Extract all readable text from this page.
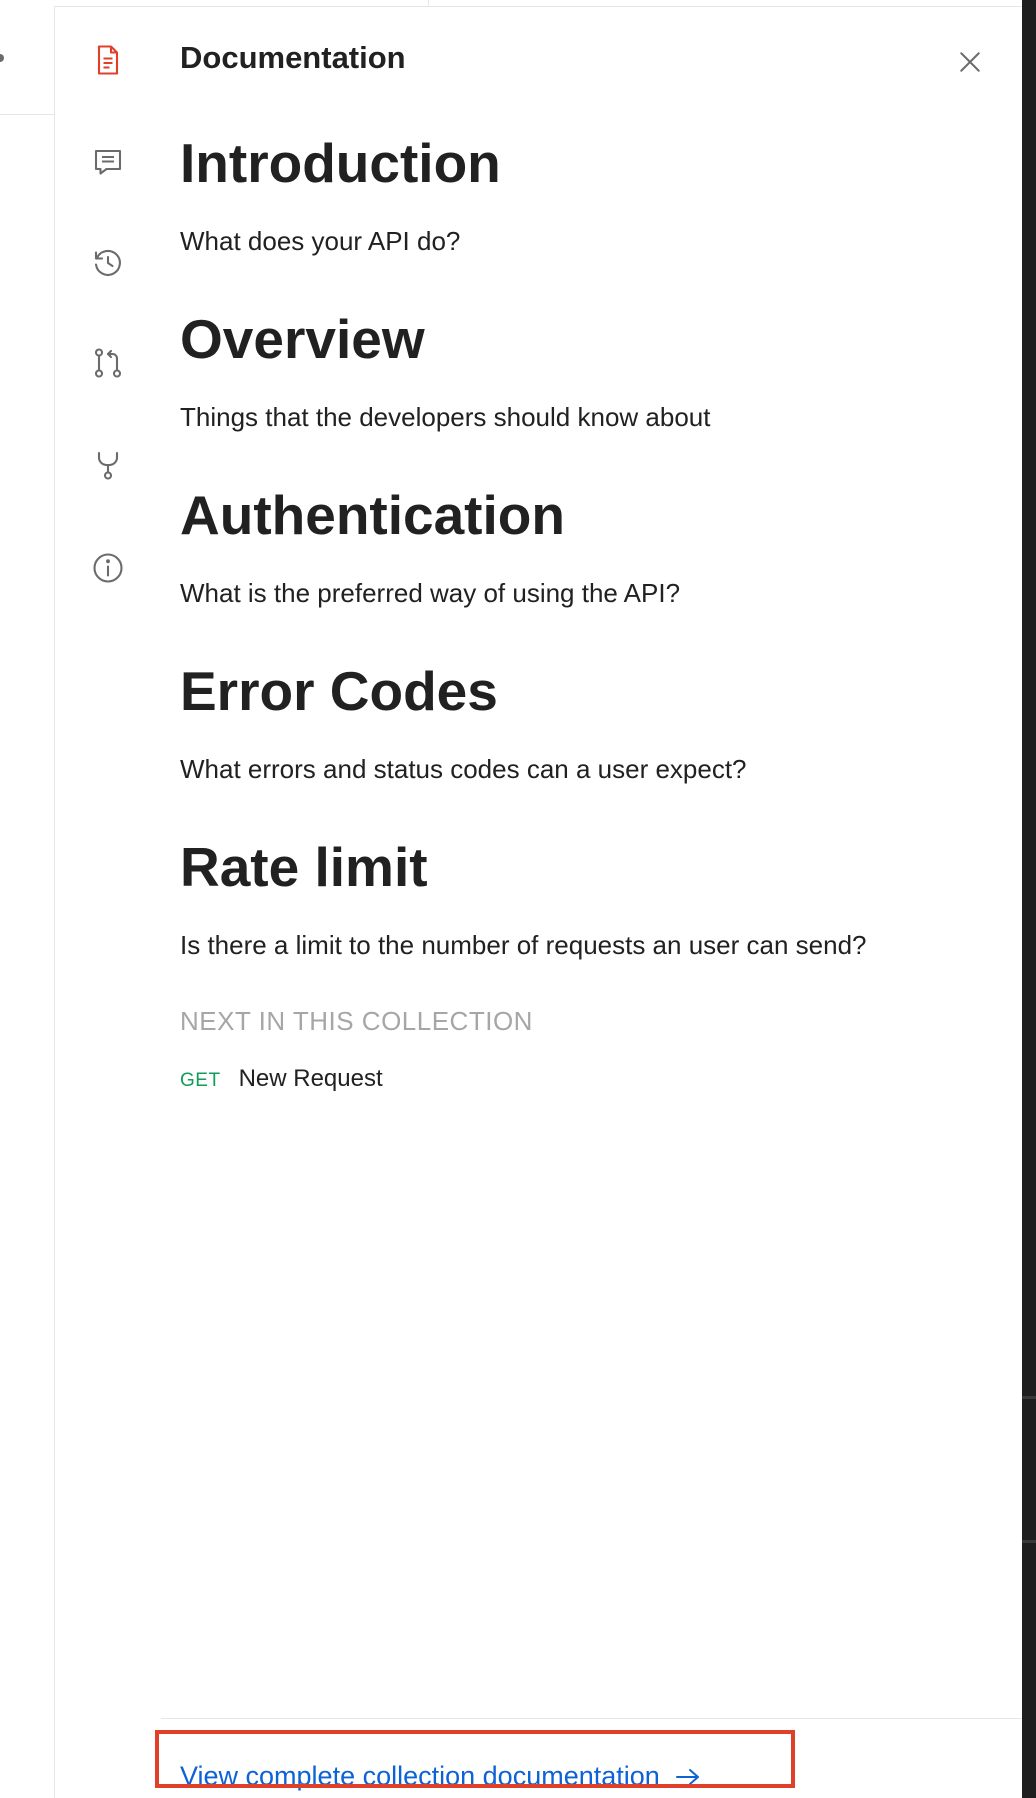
Documentation
Introduction

What does your API do?

Overview

Things that the developers should know about

Authentication

What is the preferred way of using the API?

Error Codes

What errors and status codes can a user expect?

Rate limit

Is there a limit to the number of requests an user can send?

NEXT IN THIS COLLECTION
GET New Request
View complete collection documentation
